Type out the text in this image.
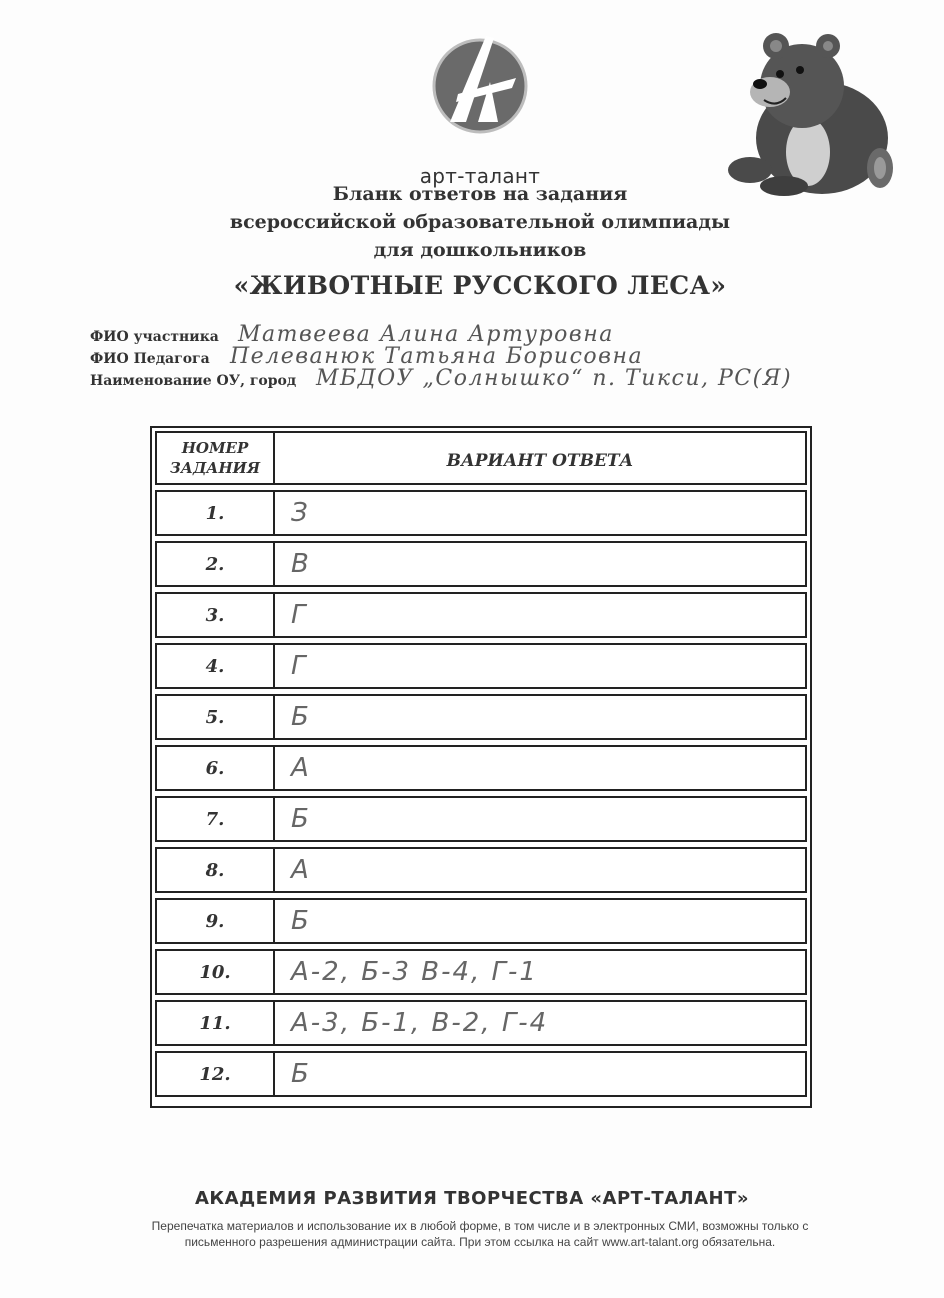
арт-талант
Бланк ответов на задания
всероссийской образовательной олимпиады
для дошкольников
«ЖИВОТНЫЕ РУССКОГО ЛЕСА»
ФИО участника Матвеева Алина Артуровна
ФИО Педагога Пелеванюк Татьяна Борисовна
Наименование ОУ, город МБДОУ „Солнышко“ п. Тикси, РС(Я)
НОМЕР
ЗАДАНИЯ	ВАРИАНТ ОТВЕТА
1.	З
2.	В
3.	Г
4.	Г
5.	Б
6.	А
7.	Б
8.	А
9.	Б
10.	А-2, Б-3 В-4, Г-1
11.	А-3, Б-1, В-2, Г-4
12.	Б
АКАДЕМИЯ РАЗВИТИЯ ТВОРЧЕСТВА «АРТ-ТАЛАНТ»
Перепечатка материалов и использование их в любой форме, в том числе и в электронных СМИ, возможны только с
письменного разрешения администрации сайта. При этом ссылка на сайт www.art-talant.org обязательна.
